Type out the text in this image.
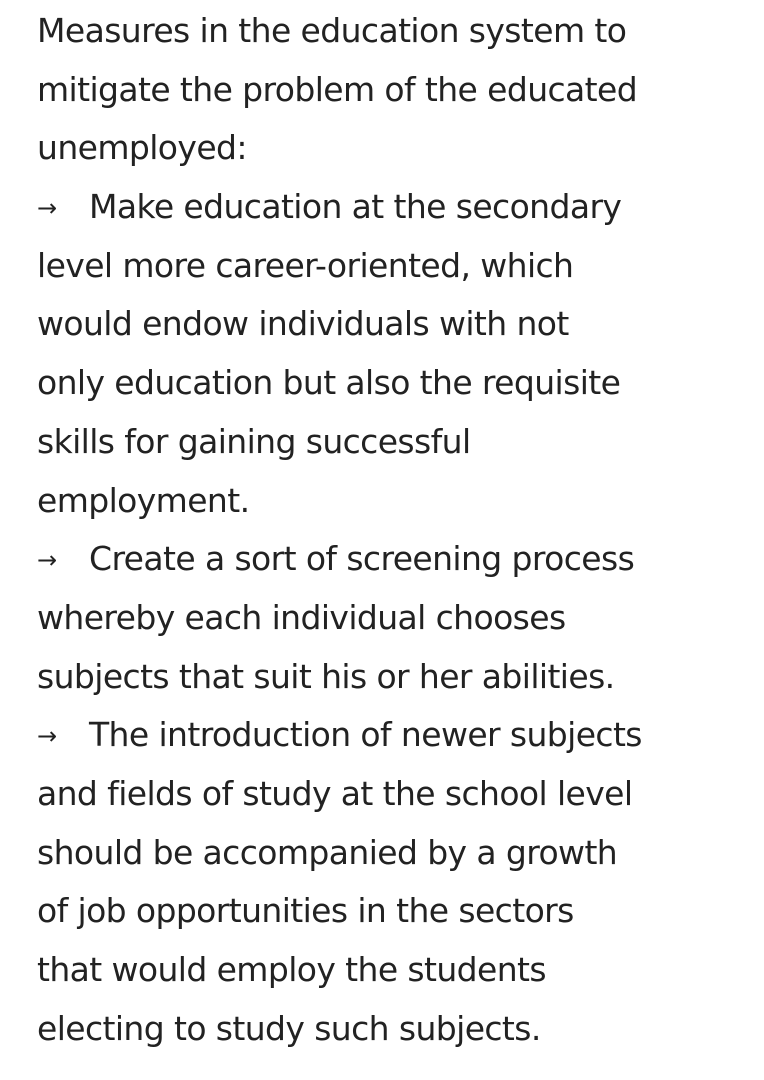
Measures in the education system to
mitigate the problem of the educated
unemployed:
→ Make education at the secondary
level more career-oriented, which
would endow individuals with not
only education but also the requisite
skills for gaining successful
employment.
→ Create a sort of screening process
whereby each individual chooses
subjects that suit his or her abilities.
→ The introduction of newer subjects
and fields of study at the school level
should be accompanied by a growth
of job opportunities in the sectors
that would employ the students
electing to study such subjects.
